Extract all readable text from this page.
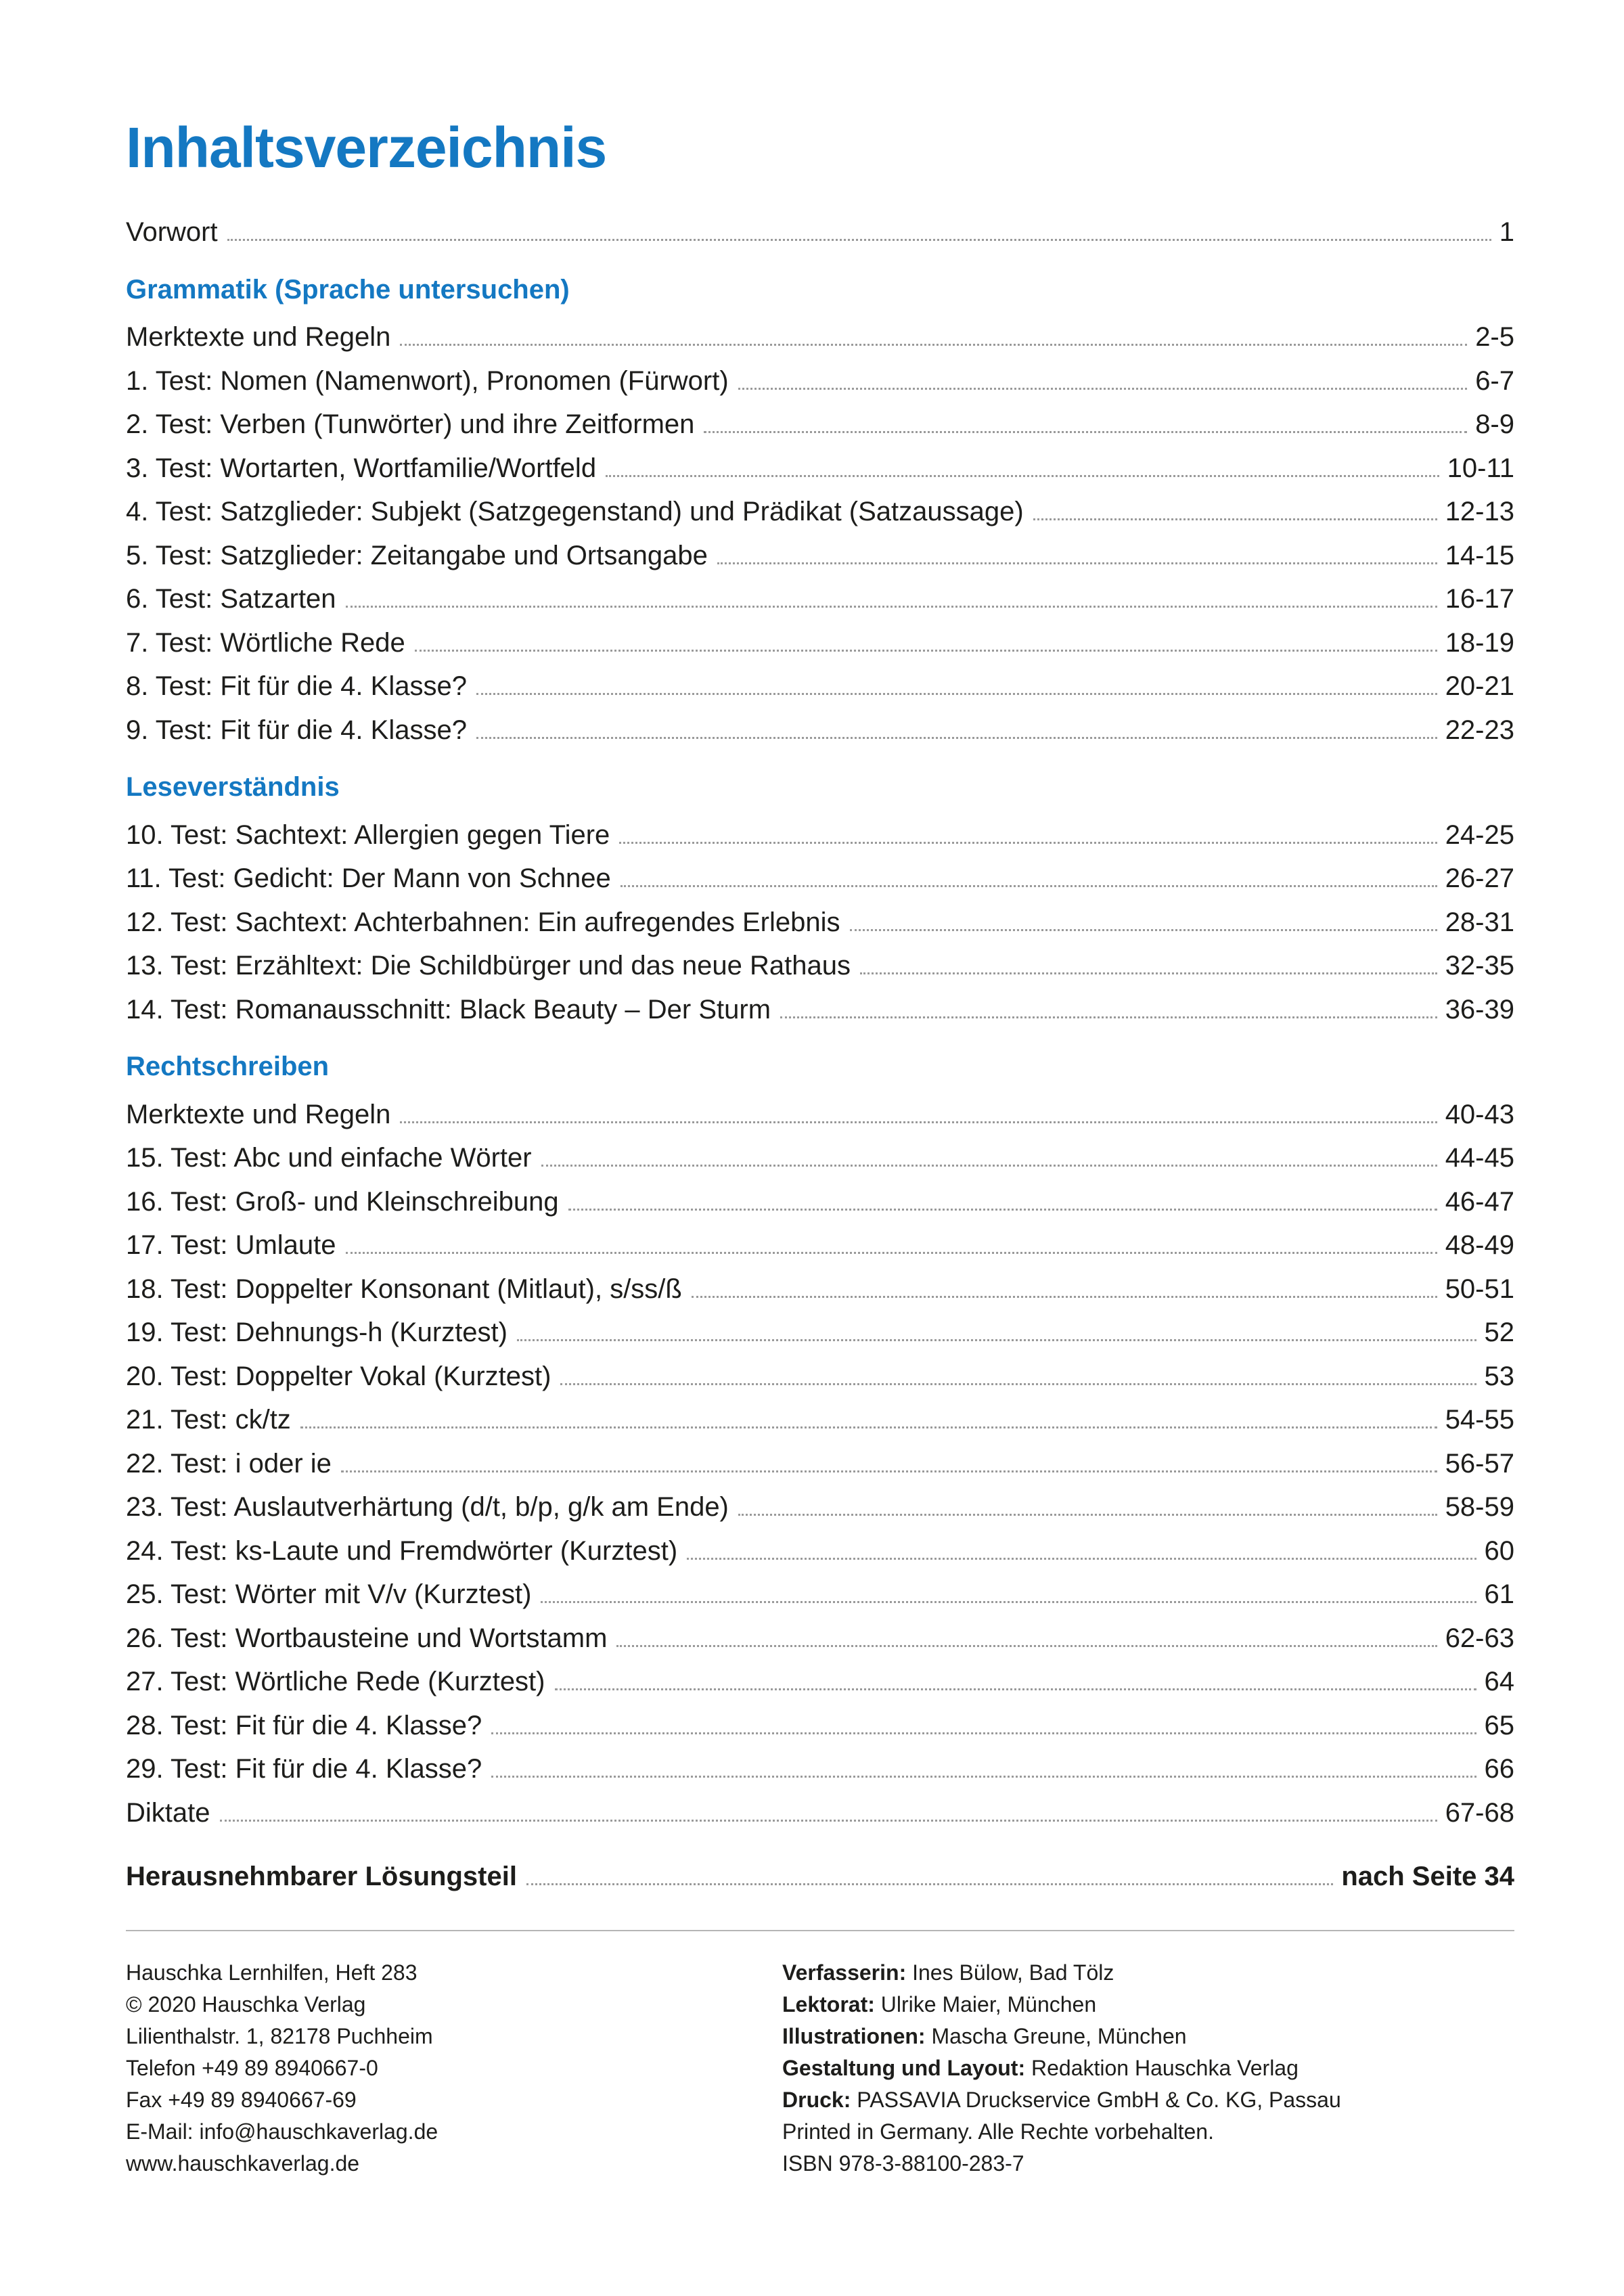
Inhaltsverzeichnis
Vorwort	1
Grammatik (Sprache untersuchen)
Merktexte und Regeln	2-5
1. Test: Nomen (Namenwort), Pronomen (Fürwort)	6-7
2. Test: Verben (Tunwörter) und ihre Zeitformen	8-9
3. Test: Wortarten, Wortfamilie/Wortfeld	10-11
4. Test: Satzglieder: Subjekt (Satzgegenstand) und Prädikat (Satzaussage)	12-13
5. Test: Satzglieder: Zeitangabe und Ortsangabe	14-15
6. Test: Satzarten	16-17
7. Test: Wörtliche Rede	18-19
8. Test: Fit für die 4. Klasse?	20-21
9. Test: Fit für die 4. Klasse?	22-23
Leseverständnis
10. Test: Sachtext: Allergien gegen Tiere	24-25
11. Test: Gedicht: Der Mann von Schnee	26-27
12. Test: Sachtext: Achterbahnen: Ein aufregendes Erlebnis	28-31
13. Test: Erzähltext: Die Schildbürger und das neue Rathaus	32-35
14. Test: Romanausschnitt: Black Beauty – Der Sturm	36-39
Rechtschreiben
Merktexte und Regeln	40-43
15. Test: Abc und einfache Wörter	44-45
16. Test: Groß- und Kleinschreibung	46-47
17. Test: Umlaute	48-49
18. Test: Doppelter Konsonant (Mitlaut), s/ss/ß	50-51
19. Test: Dehnungs-h (Kurztest)	52
20. Test: Doppelter Vokal (Kurztest)	53
21. Test: ck/tz	54-55
22. Test: i oder ie	56-57
23. Test: Auslautverhärtung (d/t, b/p, g/k am Ende)	58-59
24. Test: ks-Laute und Fremdwörter (Kurztest)	60
25. Test: Wörter mit V/v (Kurztest)	61
26. Test: Wortbausteine und Wortstamm	62-63
27. Test: Wörtliche Rede (Kurztest)	64
28. Test: Fit für die 4. Klasse?	65
29. Test: Fit für die 4. Klasse?	66
Diktate	67-68
Herausnehmbarer Lösungsteil	nach Seite 34
Hauschka Lernhilfen, Heft 283
© 2020 Hauschka Verlag
Lilienthalstr. 1, 82178 Puchheim
Telefon +49 89 8940667-0
Fax +49 89 8940667-69
E-Mail: info@hauschkaverlag.de
www.hauschkaverlag.de
Verfasserin: Ines Bülow, Bad Tölz
Lektorat: Ulrike Maier, München
Illustrationen: Mascha Greune, München
Gestaltung und Layout: Redaktion Hauschka Verlag
Druck: PASSAVIA Druckservice GmbH & Co. KG, Passau
Printed in Germany. Alle Rechte vorbehalten.
ISBN 978-3-88100-283-7
